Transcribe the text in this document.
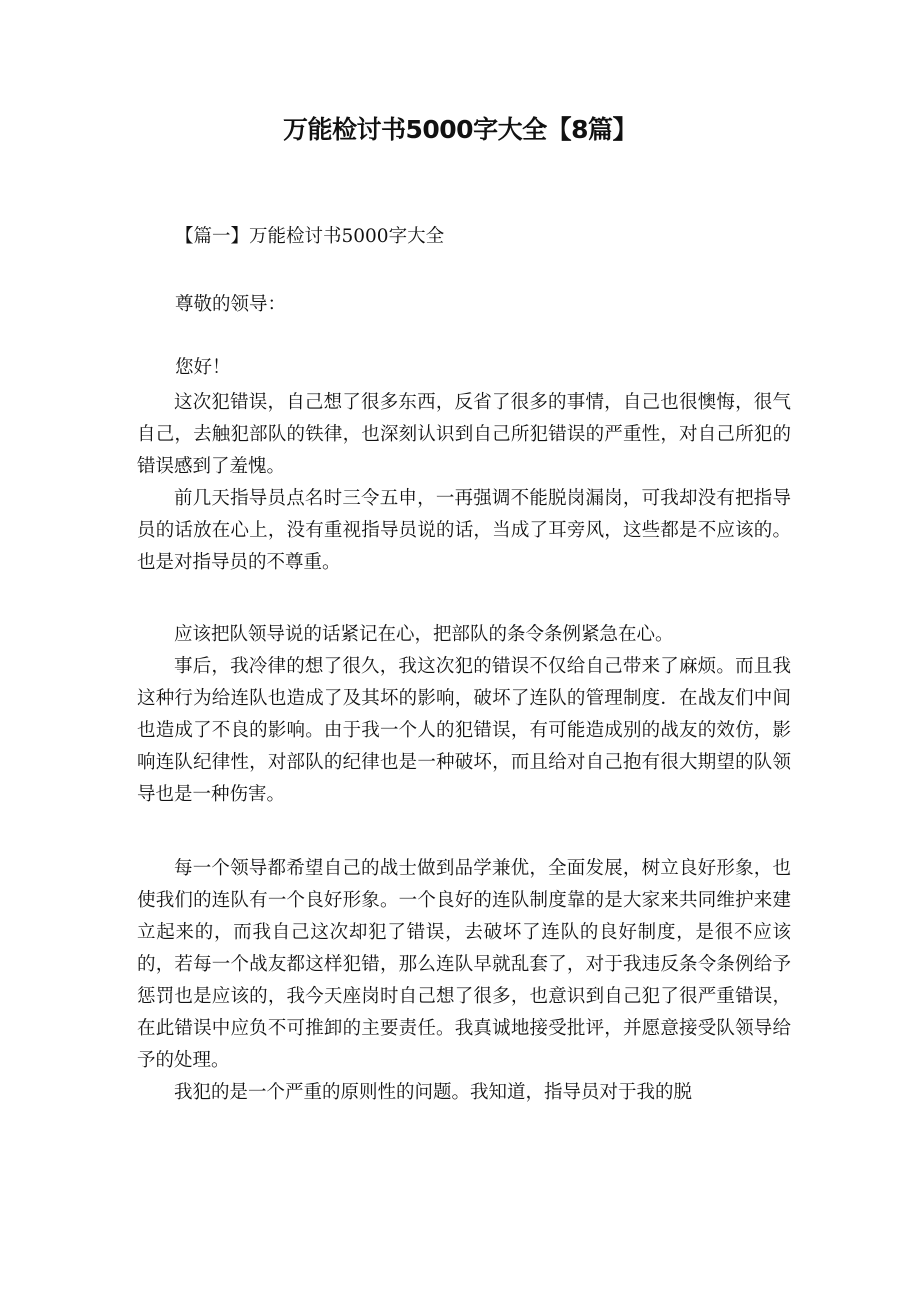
万能检讨书5000字大全【8篇】
【篇一】万能检讨书5000字大全
尊敬的领导：
您好！

这次犯错误，自己想了很多东西，反省了很多的事情，自己也很懊悔，很气自己，去触犯部队的铁律，也深刻认识到自己所犯错误的严重性，对自己所犯的错误感到了羞愧。

前几天指导员点名时三令五申，一再强调不能脱岗漏岗，可我却没有把指导员的话放在心上，没有重视指导员说的话，当成了耳旁风，这些都是不应该的。也是对指导员的不尊重。

应该把队领导说的话紧记在心，把部队的条令条例紧急在心。

事后，我冷律的想了很久，我这次犯的错误不仅给自己带来了麻烦。而且我这种行为给连队也造成了及其坏的影响，破坏了连队的管理制度．在战友们中间也造成了不良的影响。由于我一个人的犯错误，有可能造成别的战友的效仿，影响连队纪律性，对部队的纪律也是一种破坏，而且给对自己抱有很大期望的队领导也是一种伤害。

每一个领导都希望自己的战士做到品学兼优，全面发展，树立良好形象，也使我们的连队有一个良好形象。一个良好的连队制度靠的是大家来共同维护来建立起来的，而我自己这次却犯了错误，去破坏了连队的良好制度，是很不应该的，若每一个战友都这样犯错，那么连队早就乱套了，对于我违反条令条例给予惩罚也是应该的，我今天座岗时自己想了很多，也意识到自己犯了很严重错误，在此错误中应负不可推卸的主要责任。我真诚地接受批评，并愿意接受队领导给予的处理。

我犯的是一个严重的原则性的问题。我知道，指导员对于我的脱
